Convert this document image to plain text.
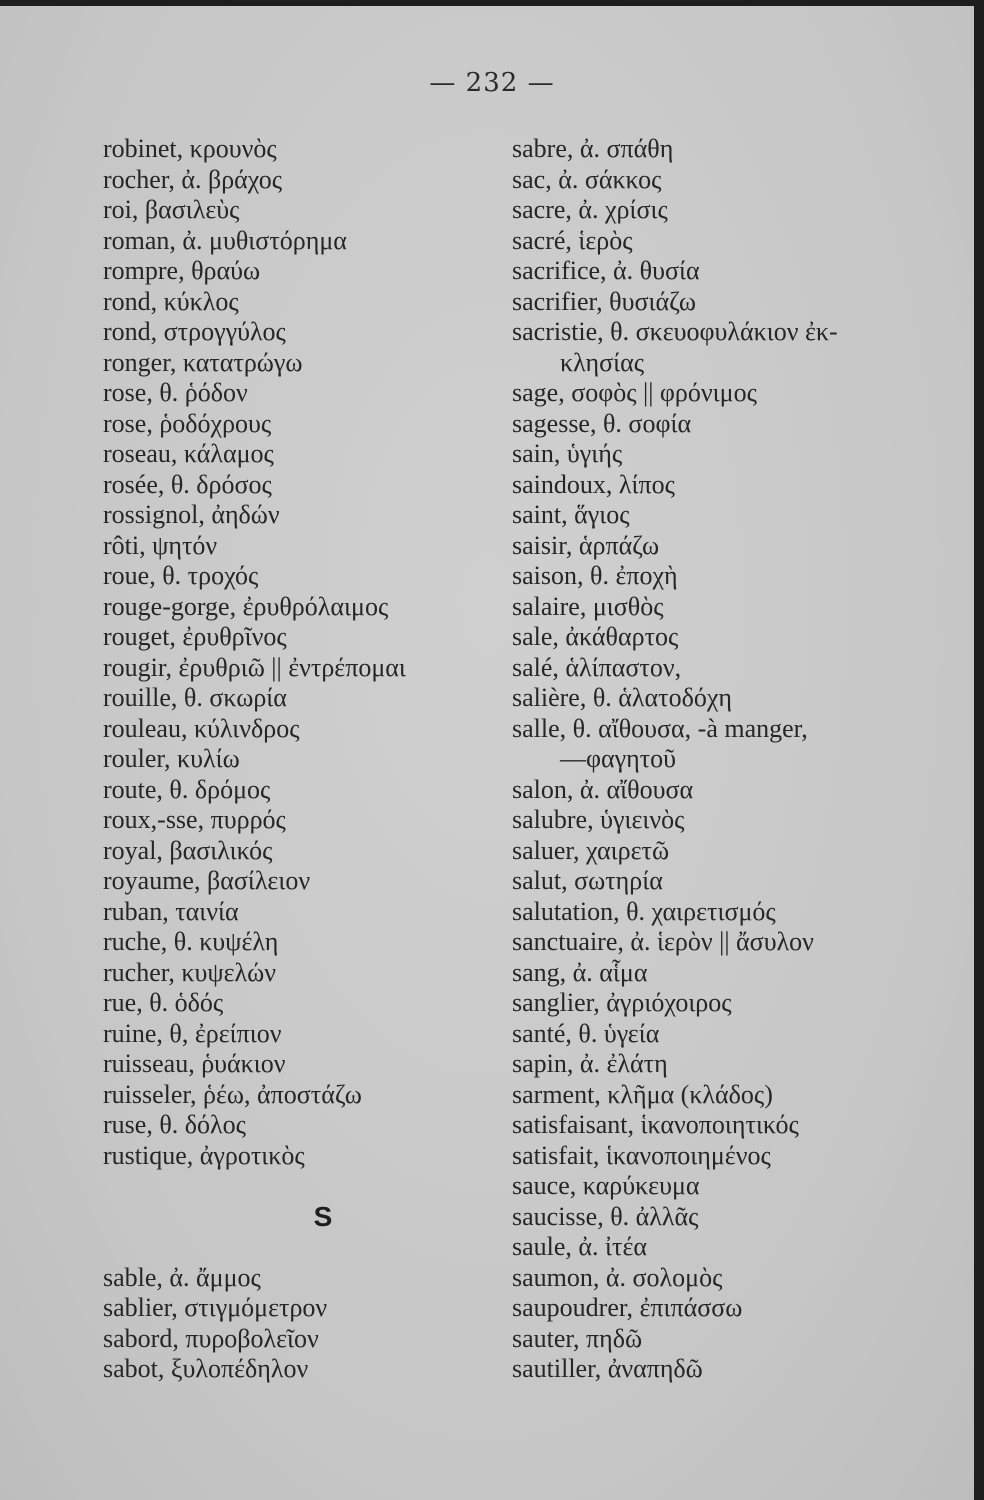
— 232 —
robinet, κρουνὸς
rocher, ἀ. βράχος
roi, βασιλεὺς
roman, ἀ. μυθιστόρημα
rompre, θραύω
rond, κύκλος
rond, στρογγύλος
ronger, κατατρώγω
rose, θ. ῥόδον
rose, ῥοδόχρους
roseau, κάλαμος
rosée, θ. δρόσος
rossignol, ἀηδών
rôti, ψητόν
roue, θ. τροχός
rouge-gorge, ἐρυθρόλαιμος
rouget, ἐρυθρῖνος
rougir, ἐρυθριῶ || ἐντρέπομαι
rouille, θ. σκωρία
rouleau, κύλινδρος
rouler, κυλίω
route, θ. δρόμος
roux,-sse, πυρρός
royal, βασιλικός
royaume, βασίλειον
ruban, ταινία
ruche, θ. κυψέλη
rucher, κυψελών
rue, θ. ὁδός
ruine, θ, ἐρείπιον
ruisseau, ῥυάκιον
ruisseler, ῥέω, ἀποστάζω
ruse, θ. δόλος
rustique, ἀγροτικὸς
S
sable, ἀ. ἄμμος
sablier, στιγμόμετρον
sabord, πυροβολεῖον
sabot, ξυλοπέδηλον
sabre, ἀ. σπάθη
sac, ἀ. σάκκος
sacre, ἀ. χρίσις
sacré, ἱερὸς
sacrifice, ἀ. θυσία
sacrifier, θυσιάζω
sacristie, θ. σκευοφυλάκιον ἐκ-
κλησίας
sage, σοφὸς || φρόνιμος
sagesse, θ. σοφία
sain, ὑγιής
saindoux, λίπος
saint, ἅγιος
saisir, ἁρπάζω
saison, θ. ἐποχὴ
salaire, μισθὸς
sale, ἀκάθαρτος
salé, ἁλίπαστον,
salière, θ. ἁλατοδόχη
salle, θ. αἴθουσα, -à manger,
—φαγητοῦ
salon, ἀ. αἴθουσα
salubre, ὑγιεινὸς
saluer, χαιρετῶ
salut, σωτηρία
salutation, θ. χαιρετισμός
sanctuaire, ἀ. ἱερὸν || ἄσυλον
sang, ἀ. αἷμα
sanglier, ἀγριόχοιρος
santé, θ. ὑγεία
sapin, ἀ. ἐλάτη
sarment, κλῆμα (κλάδος)
satisfaisant, ἱκανοποιητικός
satisfait, ἱκανοποιημένος
sauce, καρύκευμα
saucisse, θ. ἀλλᾶς
saule, ἀ. ἰτέα
saumon, ἀ. σολομὸς
saupoudrer, ἐπιπάσσω
sauter, πηδῶ
sautiller, ἀναπηδῶ
